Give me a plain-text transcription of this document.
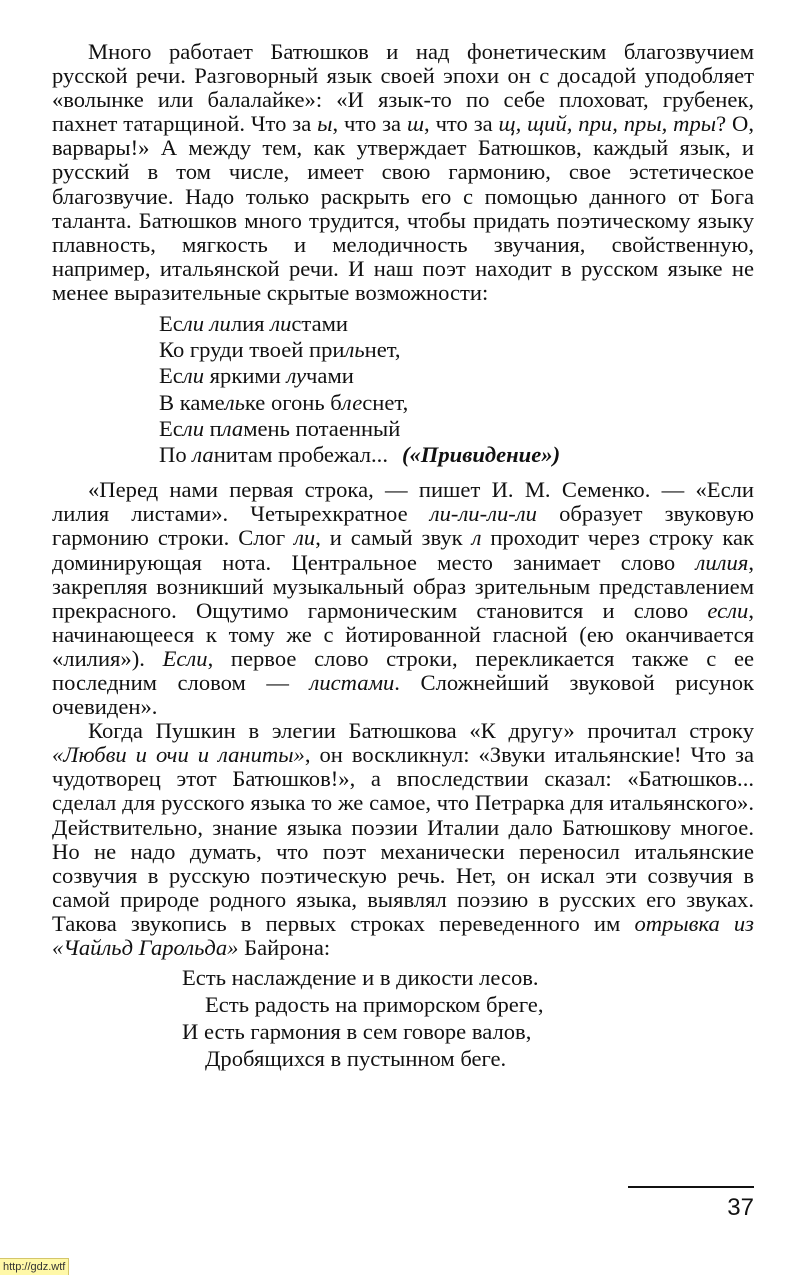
Много работает Батюшков и над фонетическим благозвучием русской речи. Разговорный язык своей эпохи он с досадой уподобляет «волынке или балалайке»: «И язык-то по себе плоховат, грубенек, пахнет татарщиной. Что за ы, что за ш, что за щ, щий, при, пры, тры? О, варвары!» А между тем, как утверждает Батюшков, каждый язык, и русский в том числе, имеет свою гармонию, свое эстетическое благозвучие. Надо только раскрыть его с помощью данного от Бога таланта. Батюшков много трудится, чтобы придать поэтическому языку плавность, мягкость и мелодичность звучания, свойственную, например, итальянской речи. И наш поэт находит в русском языке не менее выразительные скрытые возможности:

Если лилия листами
Ко груди твоей прильнет,
Если яркими лучами
В камельке огонь блеснет,
Если пламень потаенный
По ланитам пробежал... («Привидение»)

«Перед нами первая строка, — пишет И. М. Семенко. — «Если лилия листами». Четырехкратное ли-ли-ли-ли образует звуковую гармонию строки. Слог ли, и самый звук л проходит через строку как доминирующая нота. Центральное место занимает слово лилия, закрепляя возникший музыкальный образ зрительным представлением прекрасного. Ощутимо гармоническим становится и слово если, начинающееся к тому же с йотированной гласной (ею оканчивается «лилия»). Если, первое слово строки, перекликается также с ее последним словом — листами. Сложнейший звуковой рисунок очевиден».

Когда Пушкин в элегии Батюшкова «К другу» прочитал строку «Любви и очи и ланиты», он воскликнул: «Звуки итальянские! Что за чудотворец этот Батюшков!», а впоследствии сказал: «Батюшков... сделал для русского языка то же самое, что Петрарка для итальянского». Действительно, знание языка поэзии Италии дало Батюшкову многое. Но не надо думать, что поэт механически переносил итальянские созвучия в русскую поэтическую речь. Нет, он искал эти созвучия в самой природе родного языка, выявлял поэзию в русских его звуках. Такова звукопись в первых строках переведенного им отрывка из «Чайльд Гарольда» Байрона:

Есть наслаждение и в дикости лесов.
Есть радость на приморском бреге,
И есть гармония в сем говоре валов,
Дробящихся в пустынном беге.
37
http://gdz.wtf
